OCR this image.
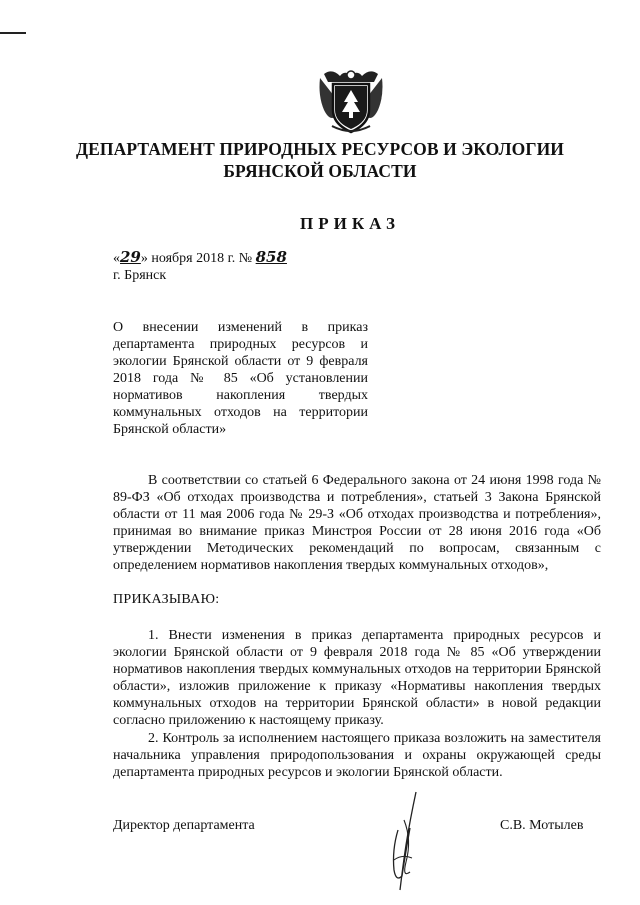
ДЕПАРТАМЕНТ ПРИРОДНЫХ РЕСУРСОВ И ЭКОЛОГИИ
БРЯНСКОЙ ОБЛАСТИ
ПРИКАЗ
«29» ноября 2018 г. № 858
г. Брянск
О внесении изменений в приказ департамента природных ресурсов и экологии Брянской области от 9 февраля 2018 года № 85 «Об установлении нормативов накопления твердых коммунальных отходов на территории Брянской области»
В соответствии со статьей 6 Федерального закона от 24 июня 1998 года № 89-ФЗ «Об отходах производства и потребления», статьей 3 Закона Брянской области от 11 мая 2006 года № 29-З «Об отходах производства и потребления», принимая во внимание приказ Минстроя России от 28 июня 2016 года «Об утверждении Методических рекомендаций по вопросам, связанным с определением нормативов накопления твердых коммунальных отходов»,
ПРИКАЗЫВАЮ:
1. Внести изменения в приказ департамента природных ресурсов и экологии Брянской области от 9 февраля 2018 года № 85 «Об утверждении нормативов накопления твердых коммунальных отходов на территории Брянской области», изложив приложение к приказу «Нормативы накопления твердых коммунальных отходов на территории Брянской области» в новой редакции согласно приложению к настоящему приказу.
2. Контроль за исполнением настоящего приказа возложить на заместителя начальника управления природопользования и охраны окружающей среды департамента природных ресурсов и экологии Брянской области.
Директор департамента	С.В. Мотылев
